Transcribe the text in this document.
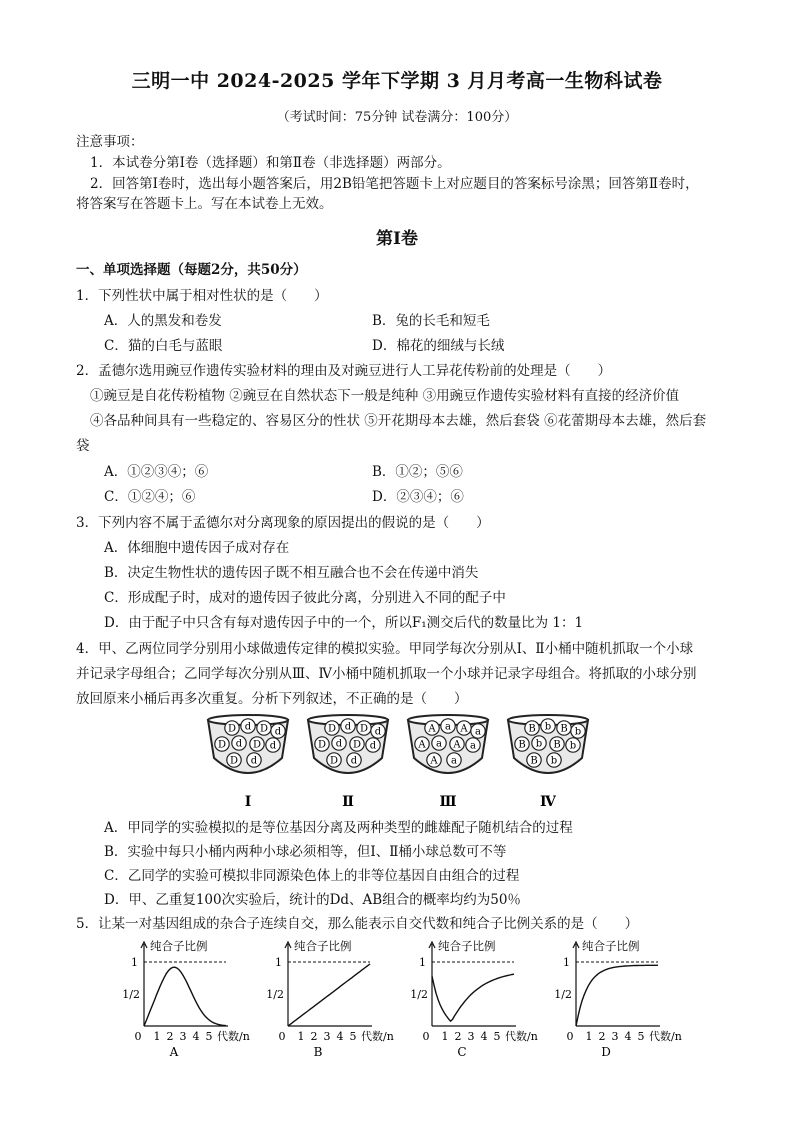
三明一中 2024-2025 学年下学期 3 月月考高一生物科试卷
（考试时间：75分钟 试卷满分：100分）
注意事项：
1．本试卷分第Ⅰ卷（选择题）和第Ⅱ卷（非选择题）两部分。
2．回答第Ⅰ卷时，选出每小题答案后，用2B铅笔把答题卡上对应题目的答案标号涂黑；回答第Ⅱ卷时，
将答案写在答题卡上。写在本试卷上无效。
第Ⅰ卷
一、单项选择题（每题2分，共50分）
1．下列性状中属于相对性状的是（　　）
A．人的黑发和卷发	B．兔的长毛和短毛
C．猫的白毛与蓝眼	D．棉花的细绒与长绒
2．孟德尔选用豌豆作遗传实验材料的理由及对豌豆进行人工异花传粉前的处理是（　　）
①豌豆是自花传粉植物 ②豌豆在自然状态下一般是纯种 ③用豌豆作遗传实验材料有直接的经济价值
④各品种间具有一些稳定的、容易区分的性状 ⑤开花期母本去雄，然后套袋 ⑥花蕾期母本去雄，然后套
袋
A．①②③④；⑥	B．①②；⑤⑥
C．①②④；⑥	D．②③④；⑥
3．下列内容不属于孟德尔对分离现象的原因提出的假说的是（　　）
A．体细胞中遗传因子成对存在
B．决定生物性状的遗传因子既不相互融合也不会在传递中消失
C．形成配子时，成对的遗传因子彼此分离，分别进入不同的配子中
D．由于配子中只含有每对遗传因子中的一个，所以F₁测交后代的数量比为 1：1
4．甲、乙两位同学分别用小球做遗传定律的模拟实验。甲同学每次分别从Ⅰ、Ⅱ小桶中随机抓取一个小球
并记录字母组合；乙同学每次分别从Ⅲ、Ⅳ小桶中随机抓取一个小球并记录字母组合。将抓取的小球分别
放回原来小桶后再多次重复。分析下列叙述，不正确的是（　　）
D d D d
D d D d
D d
Ⅰ
D d D d
D d D d
D d
Ⅱ
A a A a
A a A a
A a
Ⅲ
B b B b
B b B b
B b
Ⅳ
A．甲同学的实验模拟的是等位基因分离及两种类型的雌雄配子随机结合的过程
B．实验中每只小桶内两种小球必须相等，但Ⅰ、Ⅱ桶小球总数可不等
C．乙同学的实验可模拟非同源染色体上的非等位基因自由组合的过程
D．甲、乙重复100次实验后，统计的Dd、AB组合的概率均约为50％
5．让某一对基因组成的杂合子连续自交，那么能表示自交代数和纯合子比例关系的是（　　）
纯合子比例
1
1/2
0 1 2 3 4 5 代数/n
A
纯合子比例
1
1/2
0 1 2 3 4 5 代数/n
B
纯合子比例
1
1/2
0 1 2 3 4 5 代数/n
C
纯合子比例
1
1/2
0 1 2 3 4 5 代数/n
D
